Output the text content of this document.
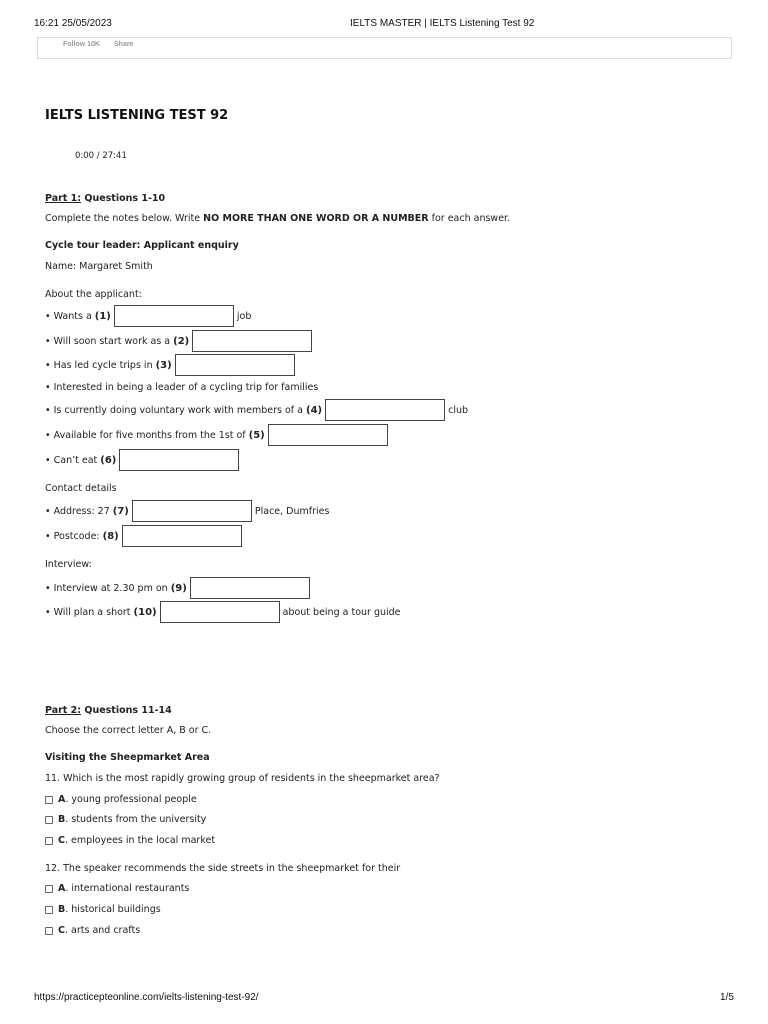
16:21 25/05/2023	IELTS MASTER | IELTS Listening Test 92
Follow 10K Share
IELTS LISTENING TEST 92
0:00 / 27:41
Part 1: Questions 1-10
Complete the notes below. Write NO MORE THAN ONE WORD OR A NUMBER for each answer.
Cycle tour leader: Applicant enquiry
Name: Margaret Smith
About the applicant:
• Wants a (1)	job
• Will soon start work as a (2)
• Has led cycle trips in (3)
• Interested in being a leader of a cycling trip for families
• Is currently doing voluntary work with members of a (4)	club
• Available for five months from the 1st of (5)
• Can’t eat (6)
Contact details
• Address: 27 (7)	Place, Dumfries
• Postcode: (8)
Interview:
• Interview at 2.30 pm on (9)
• Will plan a short (10)	about being a tour guide
Part 2: Questions 11-14
Choose the correct letter A, B or C.
Visiting the Sheepmarket Area
11. Which is the most rapidly growing group of residents in the sheepmarket area?
A . young professional people
B . students from the university
C . employees in the local market
12. The speaker recommends the side streets in the sheepmarket for their
A . international restaurants
B . historical buildings
C . arts and crafts
https://practicepteonline.com/ielts-listening-test-92/	1/5
